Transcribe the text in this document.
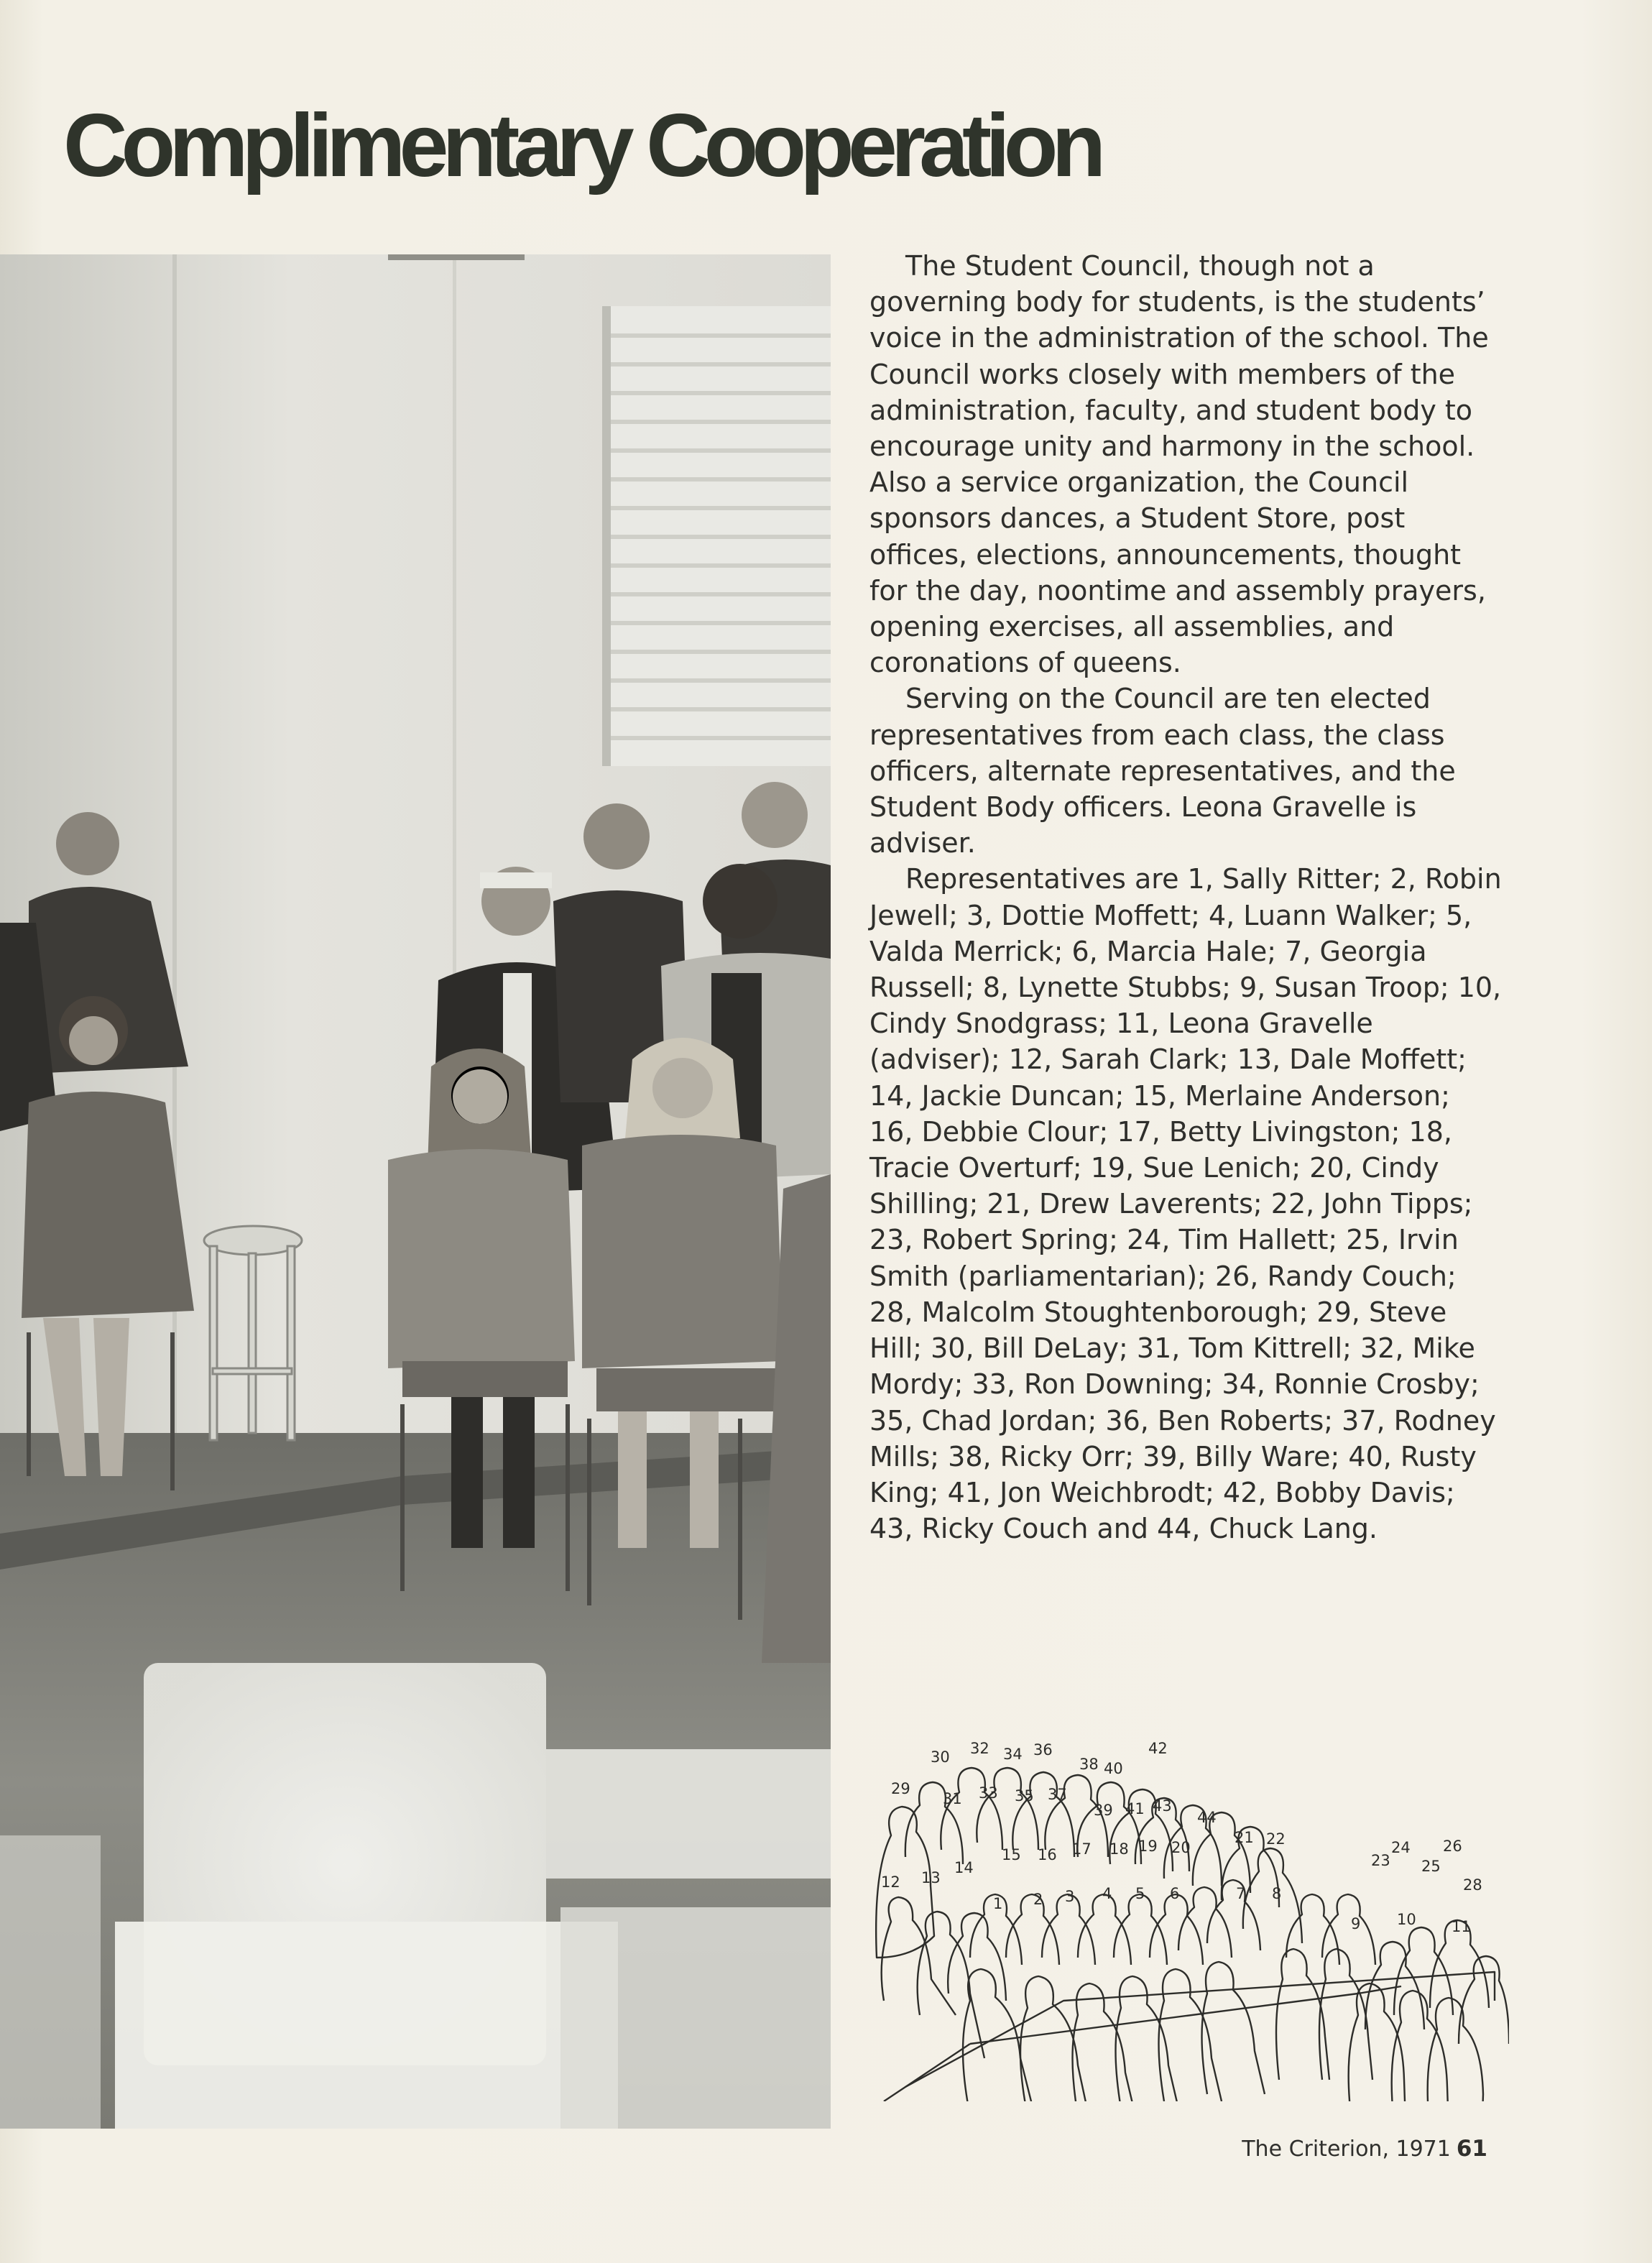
Complimentary Cooperation

The Student Council, though not a governing body for students, is the students’ voice in the administration of the school. The Council works closely with members of the administration, faculty, and student body to encourage unity and harmony in the school. Also a service organization, the Council sponsors dances, a Student Store, post offices, elections, announcements, thought for the day, noontime and assembly prayers, opening exercises, all assemblies, and coronations of queens.

Serving on the Council are ten elected representatives from each class, the class officers, alternate representatives, and the Student Body officers. Leona Gravelle is adviser.

Representatives are 1, Sally Ritter; 2, Robin Jewell; 3, Dottie Moffett; 4, Luann Walker; 5, Valda Merrick; 6, Marcia Hale; 7, Georgia Russell; 8, Lynette Stubbs; 9, Susan Troop; 10, Cindy Snodgrass; 11, Leona Gravelle (adviser); 12, Sarah Clark; 13, Dale Moffett; 14, Jackie Duncan; 15, Merlaine Anderson; 16, Debbie Clour; 17, Betty Livingston; 18, Tracie Overturf; 19, Sue Lenich; 20, Cindy Shilling; 21, Drew Laverents; 22, John Tipps; 23, Robert Spring; 24, Tim Hallett; 25, Irvin Smith (parliamentarian); 26, Randy Couch; 28, Malcolm Stoughtenborough; 29, Steve Hill; 30, Bill DeLay; 31, Tom Kittrell; 32, Mike Mordy; 33, Ron Downing; 34, Ronnie Crosby; 35, Chad Jordan; 36, Ben Roberts; 37, Rodney Mills; 38, Ricky Orr; 39, Billy Ware; 40, Rusty King; 41, Jon Weichbrodt; 42, Bobby Davis; 43, Ricky Couch and 44, Chuck Lang.

29
30 32 34 36
38 40
42
31 33 35 37
39 41 43
44
21 22
12 13
14
15 16 17 18 19 20
1 2 3 4 5 6	7 8
23
24 26
25
28
9 10 11
The Criterion, 1971 61
